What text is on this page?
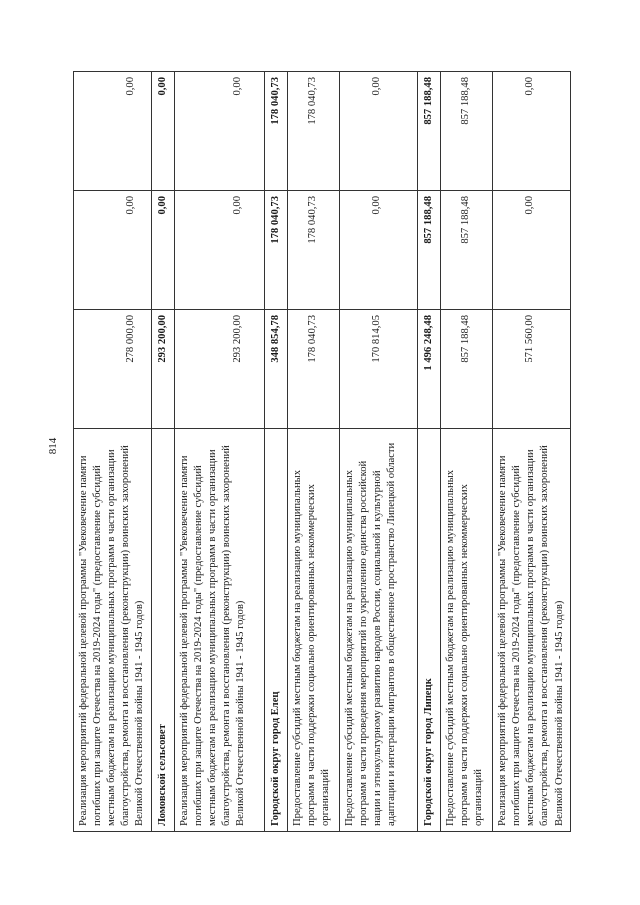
814
Реализация мероприятий федеральной целевой программы "Увековечение памяти погибших при защите Отечества на 2019-2024 годы" (предоставление субсидий местным бюджетам на реализацию муниципальных программ в части организации благоустройства, ремонта и восстановления (реконструкции) воинских захоронений Великой Отечественной войны 1941 - 1945 годов)	278 000,00	0,00	0,00
Ломовской сельсовет	293 200,00	0,00	0,00
Реализация мероприятий федеральной целевой программы "Увековечение памяти погибших при защите Отечества на 2019-2024 годы" (предоставление субсидий местным бюджетам на реализацию муниципальных программ в части организации благоустройства, ремонта и восстановления (реконструкции) воинских захоронений Великой Отечественной войны 1941 - 1945 годов)	293 200,00	0,00	0,00
Городской округ город Елец	348 854,78	178 040,73	178 040,73
Предоставление субсидий местным бюджетам на реализацию муниципальных программ в части поддержки социально ориентированных некоммерческих организаций	178 040,73	178 040,73	178 040,73
Предоставление субсидий местным бюджетам на реализацию муниципальных программ в части проведения мероприятий по укреплению единства российской нации и этнокультурному развитию народов России, социальной и культурной адаптации и интеграции мигрантов в общественное пространство Липецкой области	170 814,05	0,00	0,00
Городской округ город Липецк	1 496 248,48	857 188,48	857 188,48
Предоставление субсидий местным бюджетам на реализацию муниципальных программ в части поддержки социально ориентированных некоммерческих организаций	857 188,48	857 188,48	857 188,48
Реализация мероприятий федеральной целевой программы "Увековечение памяти погибших при защите Отечества на 2019-2024 годы" (предоставление субсидий местным бюджетам на реализацию муниципальных программ в части организации благоустройства, ремонта и восстановления (реконструкции) воинских захоронений Великой Отечественной войны 1941 - 1945 годов)	571 560,00	0,00	0,00
